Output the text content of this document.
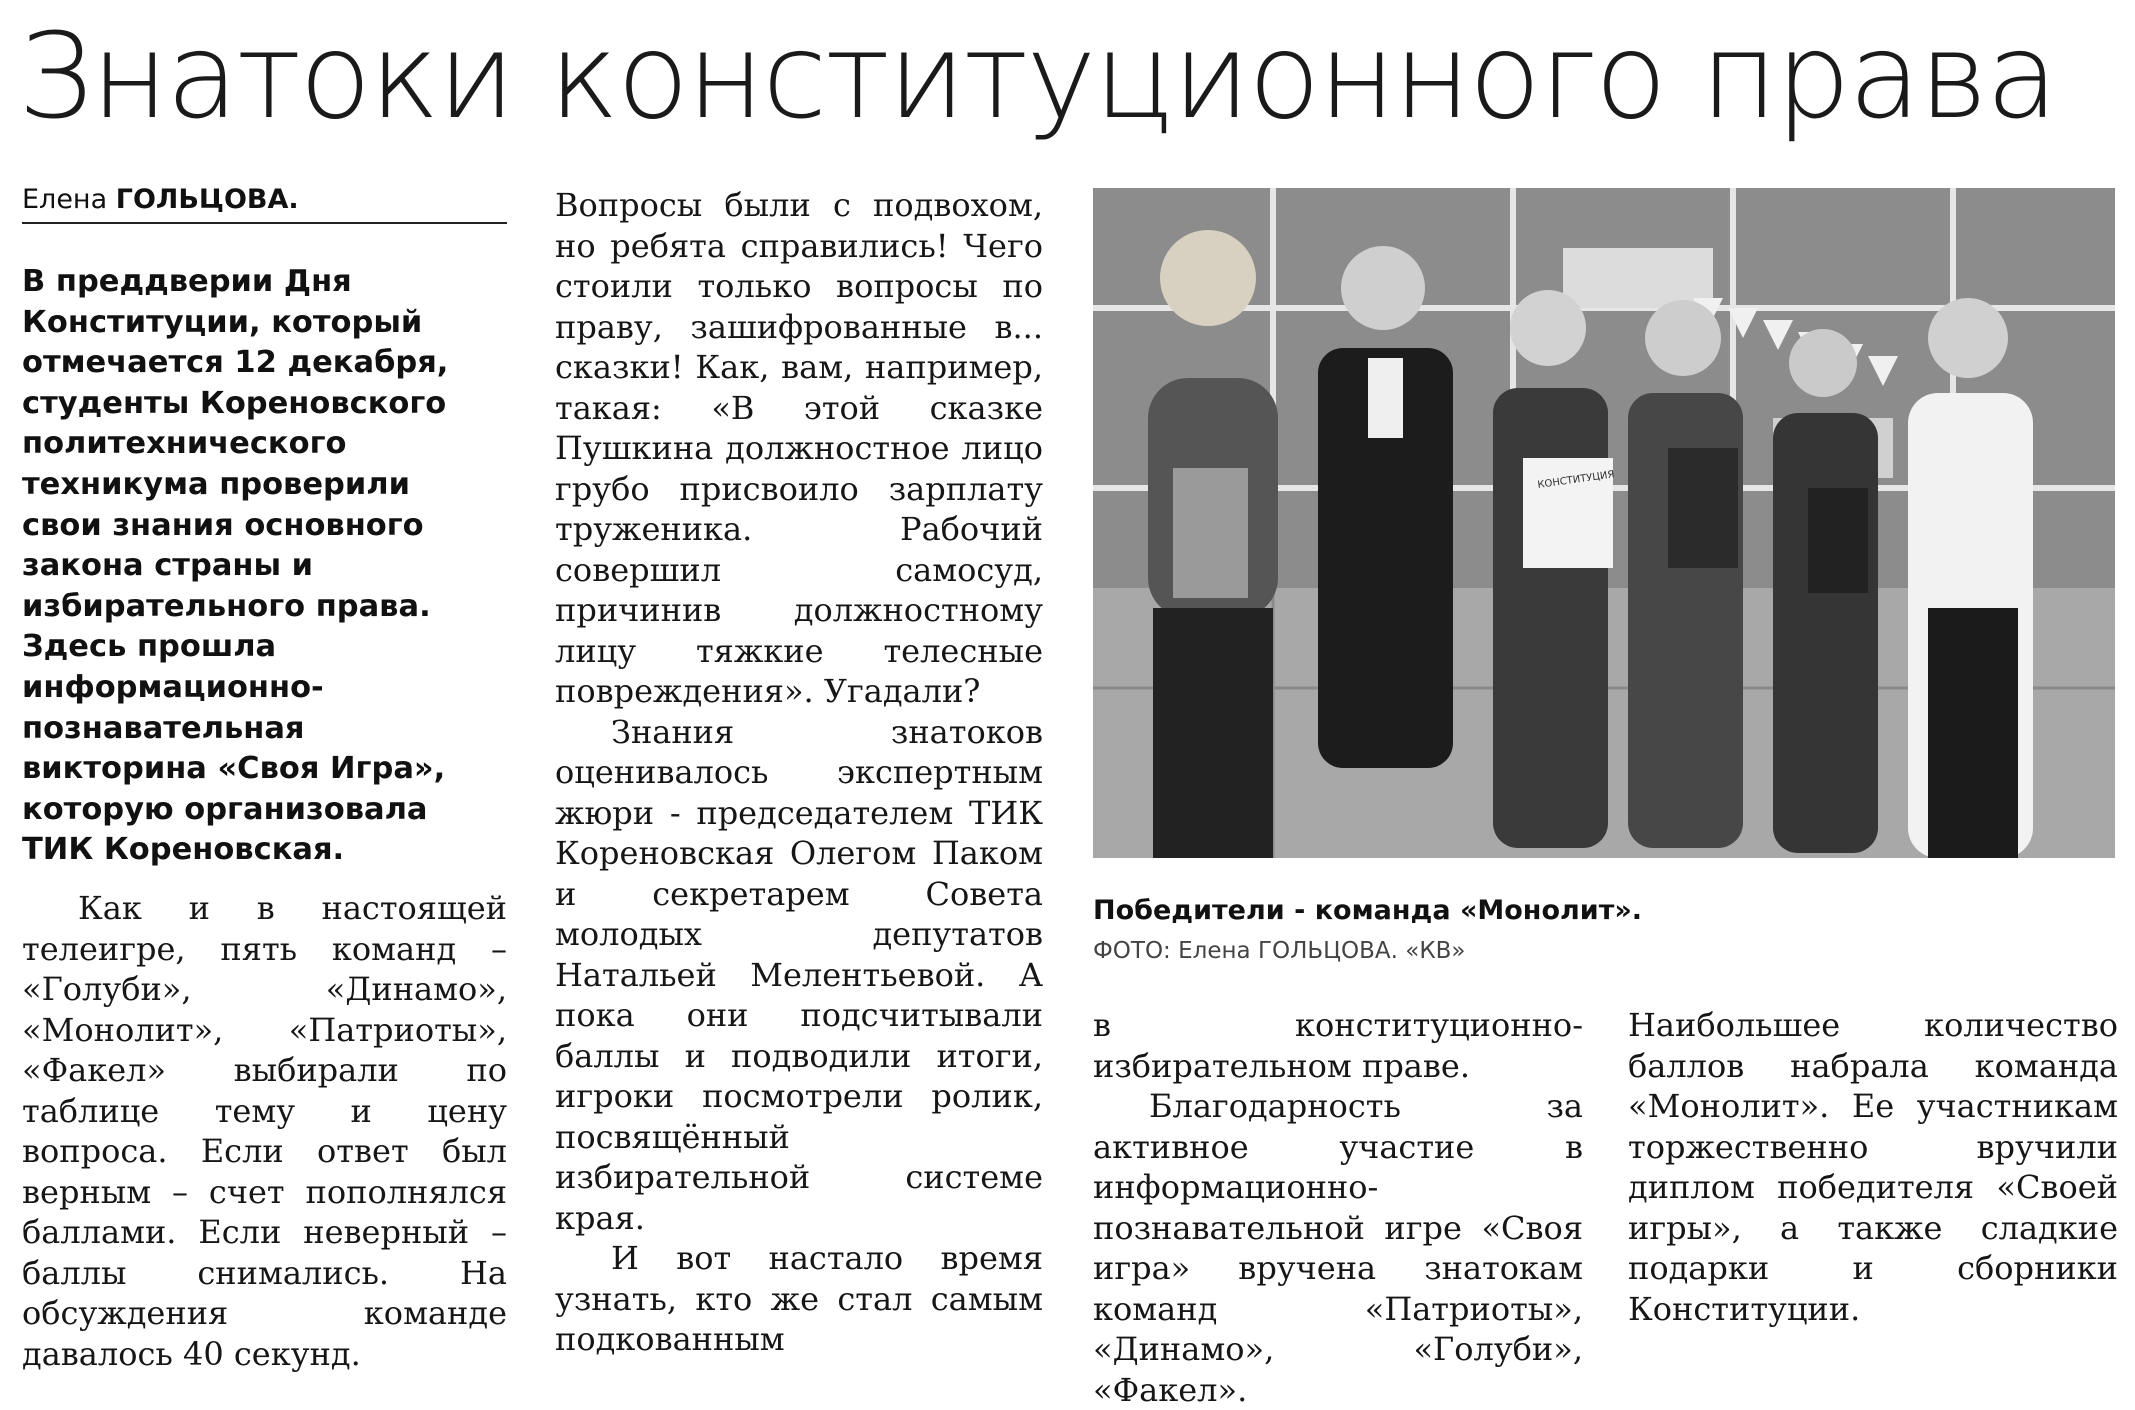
Знатоки конституционного права
Елена ГОЛЬЦОВА.
В преддверии Дня Конституции, который отмечается 12 декабря, студенты Кореновского политехнического техникума проверили свои знания основного закона страны и избирательного права. Здесь прошла информационно-познавательная викторина «Своя Игра», которую организовала ТИК Кореновская.

Как и в настоящей телеигре, пять команд – «Голуби», «Динамо», «Монолит», «Патриоты», «Факел» выбирали по таблице тему и цену вопроса. Если ответ был верным – счет пополнялся баллами. Если неверный – баллы снимались. На обсуждения команде давалось 40 секунд.

Вопросы были с подвохом, но ребята справились! Чего стоили только вопросы по праву, зашифрованные в... сказки! Как, вам, например, такая: «В этой сказке Пушкина должностное лицо грубо присвоило зарплату труженика. Рабочий совершил самосуд, причинив должностному лицу тяжкие телесные повреждения». Угадали?

Знания знатоков оценивалось экспертным жюри - председателем ТИК Кореновская Олегом Паком и секретарем Совета молодых депутатов Натальей Мелентьевой. А пока они подсчитывали баллы и подводили итоги, игроки посмотрели ролик, посвящённый избирательной системе края.

И вот настало время узнать, кто же стал самым подкованным

КОНСТИТУЦИЯ
Победители - команда «Монолит».
ФОТО: Елена ГОЛЬЦОВА. «КВ»

в конституционно-избирательном праве.

Благодарность за активное участие в информационно-познавательной игре «Своя игра» вручена знатокам команд «Патриоты», «Динамо», «Голуби», «Факел».

Наибольшее количество баллов набрала команда «Монолит». Ее участникам торжественно вручили диплом победителя «Своей игры», а также сладкие подарки и сборники Конституции.
